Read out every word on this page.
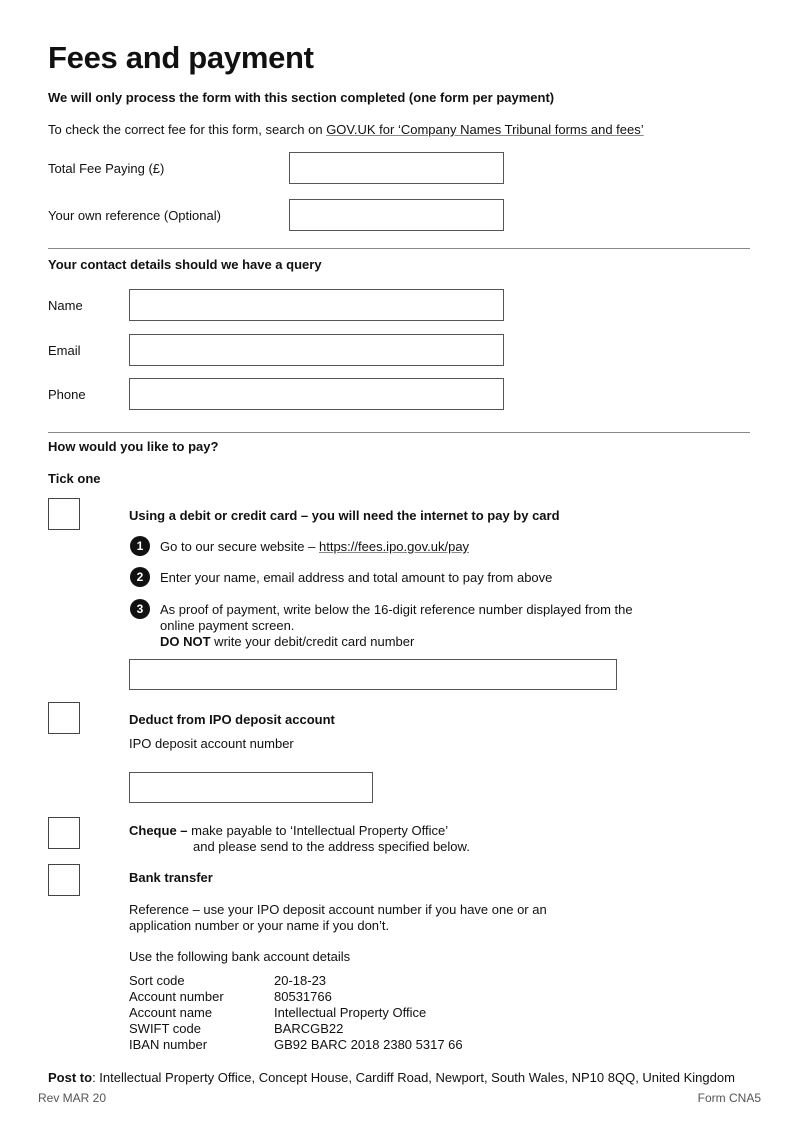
Fees and payment
We will only process the form with this section completed (one form per payment)
To check the correct fee for this form, search on GOV.UK for ‘Company Names Tribunal forms and fees’
Total Fee Paying (£)
Your own reference (Optional)
Your contact details should we have a query
Name
Email
Phone
How would you like to pay?
Tick one
Using a debit or credit card – you will need the internet to pay by card
1	Go to our secure website – https://fees.ipo.gov.uk/pay
2	Enter your name, email address and total amount to pay from above
3	As proof of payment, write below the 16-digit reference number displayed from the
online payment screen.
DO NOT write your debit/credit card number
Deduct from IPO deposit account
IPO deposit account number
Cheque – make payable to ‘Intellectual Property Office’
and please send to the address specified below.
Bank transfer
Reference – use your IPO deposit account number if you have one or an
application number or your name if you don’t.
Use the following bank account details
Sort code	20-18-23
Account number	80531766
Account name	Intellectual Property Office
SWIFT code	BARCGB22
IBAN number	GB92 BARC 2018 2380 5317 66
Post to: Intellectual Property Office, Concept House, Cardiff Road, Newport, South Wales, NP10 8QQ, United Kingdom
Rev MAR 20	Form CNA5
